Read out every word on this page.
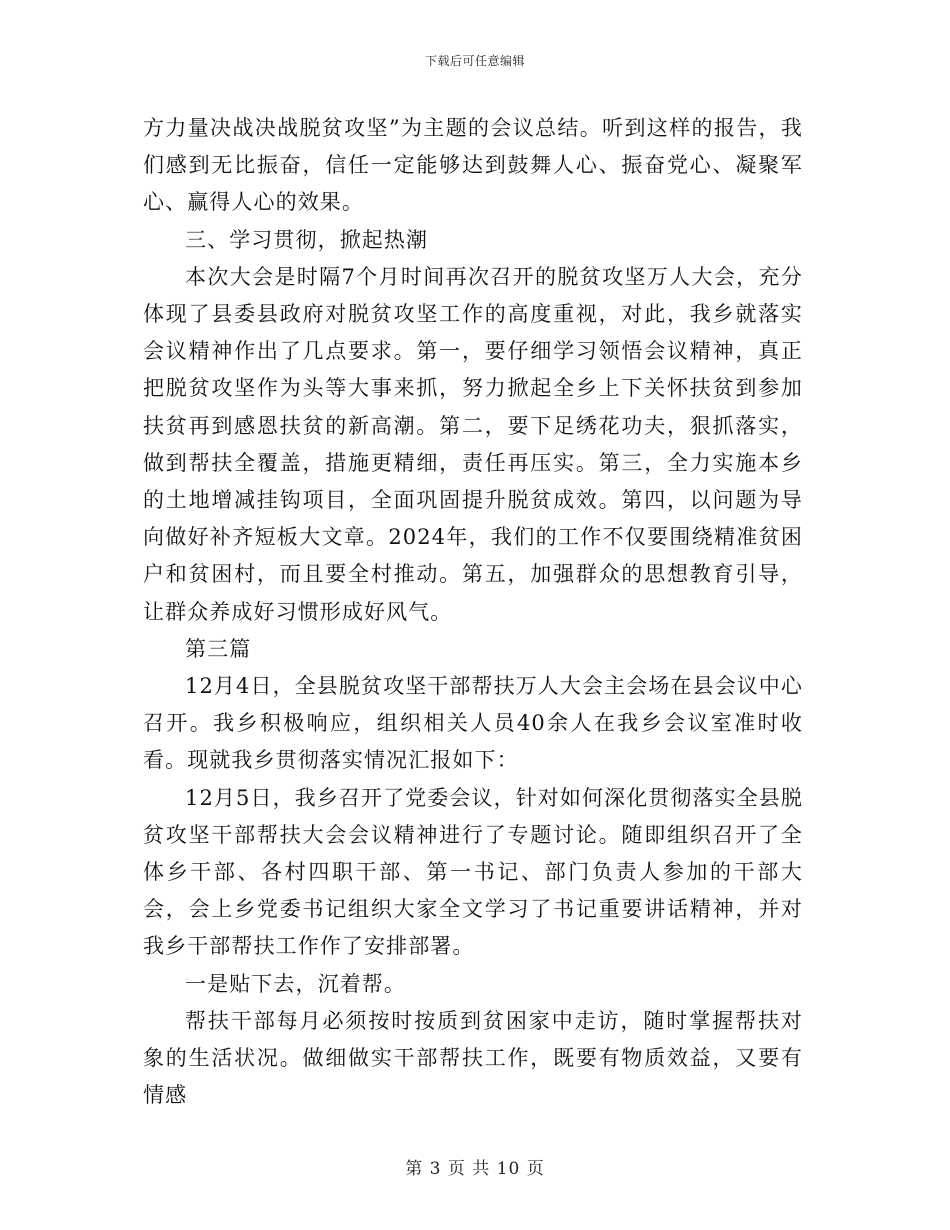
下载后可任意编辑

方力量决战决战脱贫攻坚”为主题的会议总结。听到这样的报告，我们感到无比振奋，信任一定能够达到鼓舞人心、振奋党心、凝聚军心、赢得人心的效果。

三、学习贯彻，掀起热潮

本次大会是时隔7个月时间再次召开的脱贫攻坚万人大会，充分体现了县委县政府对脱贫攻坚工作的高度重视，对此，我乡就落实会议精神作出了几点要求。第一，要仔细学习领悟会议精神，真正把脱贫攻坚作为头等大事来抓，努力掀起全乡上下关怀扶贫到参加扶贫再到感恩扶贫的新高潮。第二，要下足绣花功夫，狠抓落实，做到帮扶全覆盖，措施更精细，责任再压实。第三，全力实施本乡的土地增减挂钩项目，全面巩固提升脱贫成效。第四，以问题为导向做好补齐短板大文章。2024年，我们的工作不仅要围绕精准贫困户和贫困村，而且要全村推动。第五，加强群众的思想教育引导，让群众养成好习惯形成好风气。

第三篇

12月4日，全县脱贫攻坚干部帮扶万人大会主会场在县会议中心召开。我乡积极响应，组织相关人员40余人在我乡会议室准时收看。现就我乡贯彻落实情况汇报如下：

12月5日，我乡召开了党委会议，针对如何深化贯彻落实全县脱贫攻坚干部帮扶大会会议精神进行了专题讨论。随即组织召开了全体乡干部、各村四职干部、第一书记、部门负责人参加的干部大会，会上乡党委书记组织大家全文学习了书记重要讲话精神，并对我乡干部帮扶工作作了安排部署。

一是贴下去，沉着帮。

帮扶干部每月必须按时按质到贫困家中走访，随时掌握帮扶对象的生活状况。做细做实干部帮扶工作，既要有物质效益，又要有情感

第 3 页 共 10 页
